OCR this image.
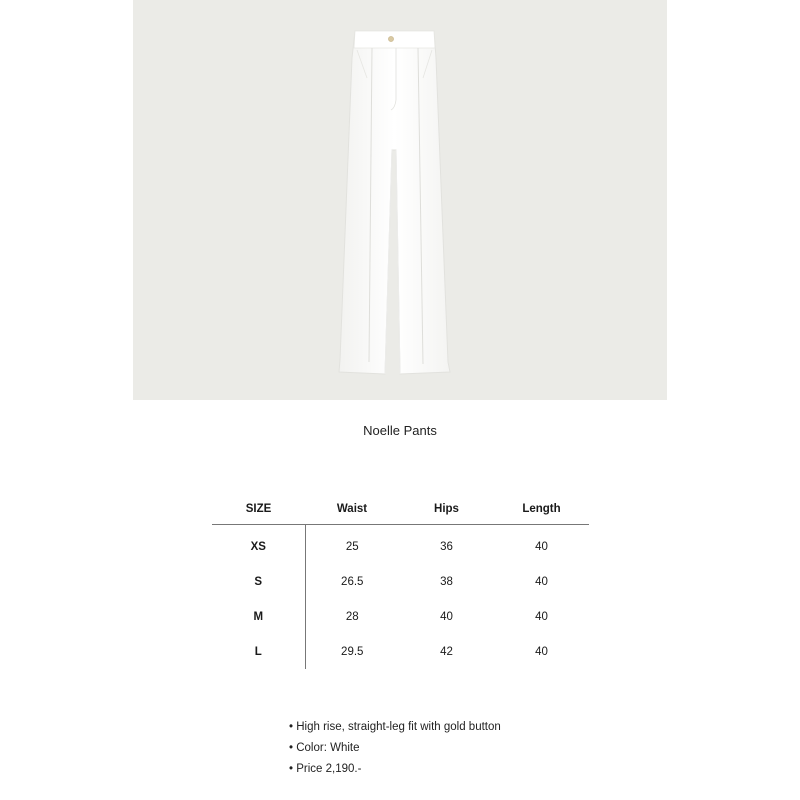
Noelle Pants
SIZE	Waist	Hips	Length
XS	25	36	40
S	26.5	38	40
M	28	40	40
L	29.5	42	40
• High rise, straight-leg fit with gold button
• Color: White
• Price 2,190.-
